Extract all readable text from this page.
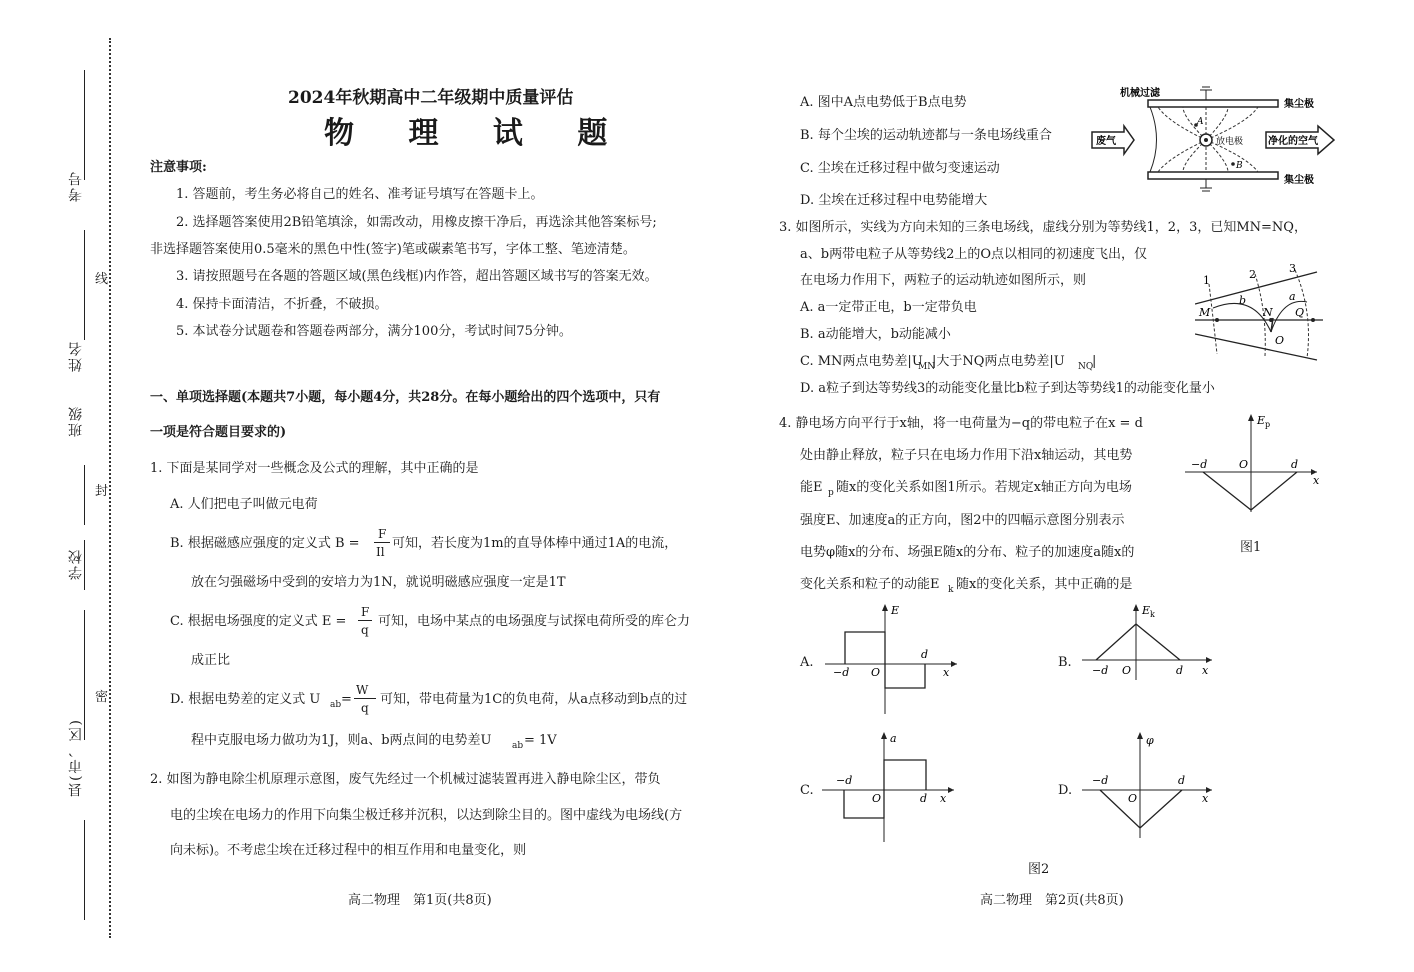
考号
姓名
班级
学校
县(市、区)
线
封
密
2024年秋期高中二年级期中质量评估
物 理 试 题
注意事项:
1. 答题前，考生务必将自己的姓名、准考证号填写在答题卡上。
2. 选择题答案使用2B铅笔填涂，如需改动，用橡皮擦干净后，再选涂其他答案标号;
非选择题答案使用0.5毫米的黑色中性(签字)笔或碳素笔书写，字体工整、笔迹清楚。
3. 请按照题号在各题的答题区域(黑色线框)内作答，超出答题区域书写的答案无效。
4. 保持卡面清洁，不折叠，不破损。
5. 本试卷分试题卷和答题卷两部分，满分100分，考试时间75分钟。
一、单项选择题(本题共7小题，每小题4分，共28分。在每小题给出的四个选项中，只有
一项是符合题目要求的)
1. 下面是某同学对一些概念及公式的理解，其中正确的是
A. 人们把电子叫做元电荷
B. 根据磁感应强度的定义式 B =
F
Il
可知，若长度为1m的直导体棒中通过1A的电流，
放在匀强磁场中受到的安培力为1N，就说明磁感应强度一定是1T
C. 根据电场强度的定义式 E =
F
q
可知，电场中某点的电场强度与试探电荷所受的库仑力
成正比
D. 根据电势差的定义式 U ab =
W
q
可知，带电荷量为1C的负电荷，从a点移动到b点的过
程中克服电场力做功为1J，则a、b两点间的电势差U ab = 1V
2. 如图为静电除尘机原理示意图，废气先经过一个机械过滤装置再进入静电除尘区，带负
电的尘埃在电场力的作用下向集尘极迁移并沉积，以达到除尘目的。图中虚线为电场线(方
向未标)。不考虑尘埃在迁移过程中的相互作用和电量变化，则
高二物理　第1页(共8页)
A. 图中A点电势低于B点电势
B. 每个尘埃的运动轨迹都与一条电场线重合
C. 尘埃在迁移过程中做匀变速运动
D. 尘埃在迁移过程中电势能增大
A
B
机械过滤
集尘极
集尘极
放电极
废气	净化的空气
3. 如图所示，实线为方向未知的三条电场线，虚线分别为等势线1，2，3，已知MN=NQ，
a、b两带电粒子从等势线2上的O点以相同的初速度飞出，仅
在电场力作用下，两粒子的运动轨迹如图所示，则
A. a一定带正电，b一定带负电
B. a动能增大，b动能减小
C. MN两点电势差|U
MN
|大于NQ两点电势差|U NQ
|
D. a粒子到达等势线3的动能变化量比b粒子到达等势线1的动能变化量小
1	2	3
M	N Q
O
b	a
4. 静电场方向平行于x轴，将一电荷量为−q的带电粒子在x = d
处由静止释放，粒子只在电场力作用下沿x轴运动，其电势
能E p 随x的变化关系如图1所示。若规定x轴正方向为电场
强度E、加速度a的正方向，图2中的四幅示意图分别表示
电势φ随x的分布、场强E随x的分布、粒子的加速度a随x的
变化关系和粒子的动能E k 随x的变化关系，其中正确的是
E p
−d	O	d
x
图1
A.
E
−d O
d
x
B.
E k
−d O	d x
C.
a
−d
O	d x
D.
φ
−d
O
d
x
图2
高二物理　第2页(共8页)
